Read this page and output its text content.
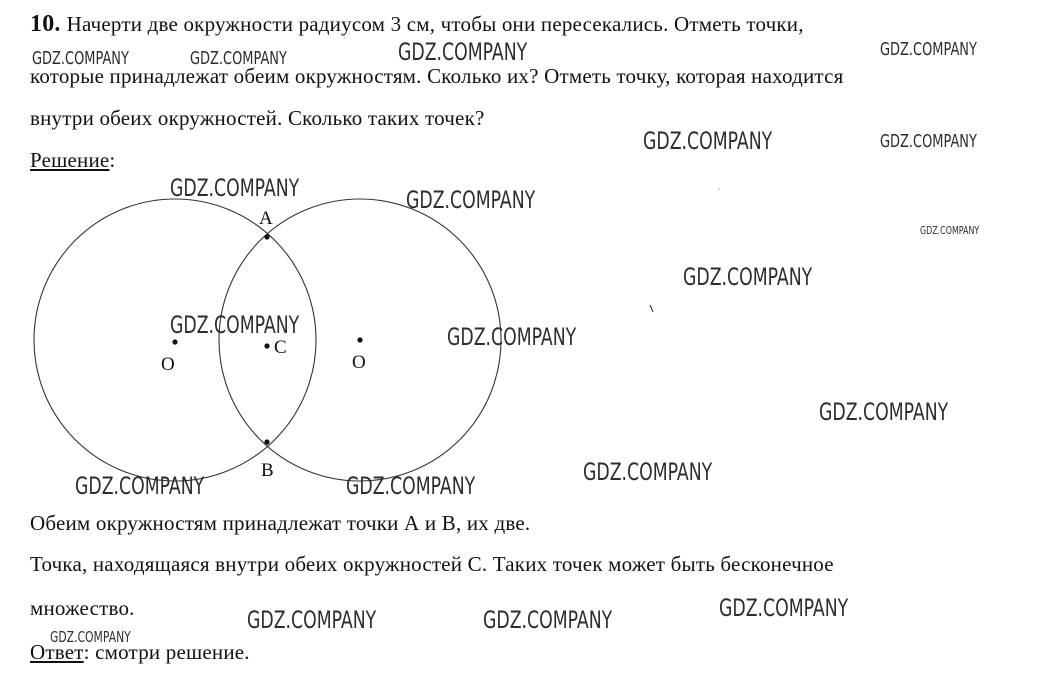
10. Начерти две окружности радиусом 3 см, чтобы они пересекались. Отметь точки,
которые принадлежат обеим окружностям. Сколько их? Отметь точку, которая находится
внутри обеих окружностей. Сколько таких точек?
Решение:
A
B
C
O	O
Обеим окружностям принадлежат точки А и В, их две.
Точка, находящаяся внутри обеих окружностей С. Таких точек может быть бесконечное
множество.
Ответ: смотри решение.
GDZ.COMPANY	GDZ.COMPANY	GDZ.COMPANY	GDZ.COMPANY
GDZ.COMPANY	GDZ.COMPANY
GDZ.COMPANY	GDZ.COMPANY
GDZ.COMPANY
GDZ.COMPANY
GDZ.COMPANY	GDZ.COMPANY
GDZ.COMPANY
GDZ.COMPANY
GDZ.COMPANY	GDZ.COMPANY
GDZ.COMPANY
GDZ.COMPANY	GDZ.COMPANY
GDZ.COMPANY
